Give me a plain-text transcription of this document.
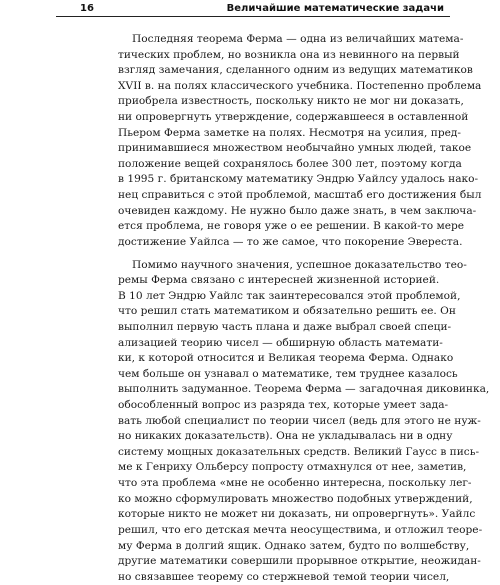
16	Величайшие математические задачи
Последняя теорема Ферма — одна из величайших матема-
тических проблем, но возникла она из невинного на первый
взгляд замечания, сделанного одним из ведущих математиков
XVII в. на полях классического учебника. Постепенно проблема
приобрела известность, поскольку никто не мог ни доказать,
ни опровергнуть утверждение, содержавшееся в оставленной
Пьером Ферма заметке на полях. Несмотря на усилия, пред-
принимавшиеся множеством необычайно умных людей, такое
положение вещей сохранялось более 300 лет, поэтому когда
в 1995 г. британскому математику Эндрю Уайлсу удалось нако-
нец справиться с этой проблемой, масштаб его достижения был
очевиден каждому. Не нужно было даже знать, в чем заключа-
ется проблема, не говоря уже о ее решении. В какой-то мере
достижение Уайлса — то же самое, что покорение Эвереста.
Помимо научного значения, успешное доказательство тео-
ремы Ферма связано с интересней жизненной историей.
В 10 лет Эндрю Уайлс так заинтересовался этой проблемой,
что решил стать математиком и обязательно решить ее. Он
выполнил первую часть плана и даже выбрал своей специ-
ализацией теорию чисел — обширную область математи-
ки, к которой относится и Великая теорема Ферма. Однако
чем больше он узнавал о математике, тем труднее казалось
выполнить задуманное. Теорема Ферма — загадочная диковинка,
обособленный вопрос из разряда тех, которые умеет зада-
вать любой специалист по теории чисел (ведь для этого не нуж-
но никаких доказательств). Она не укладывалась ни в одну
систему мощных доказательных средств. Великий Гаусс в пись-
ме к Генриху Ольберсу попросту отмахнулся от нее, заметив,
что эта проблема «мне не особенно интересна, поскольку лег-
ко можно сформулировать множество подобных утверждений,
которые никто не может ни доказать, ни опровергнуть». Уайлс
решил, что его детская мечта неосуществима, и отложил теоре-
му Ферма в долгий ящик. Однако затем, будто по волшебству,
другие математики совершили прорывное открытие, неожидан-
но связавшее теорему со стержневой темой теории чисел,
